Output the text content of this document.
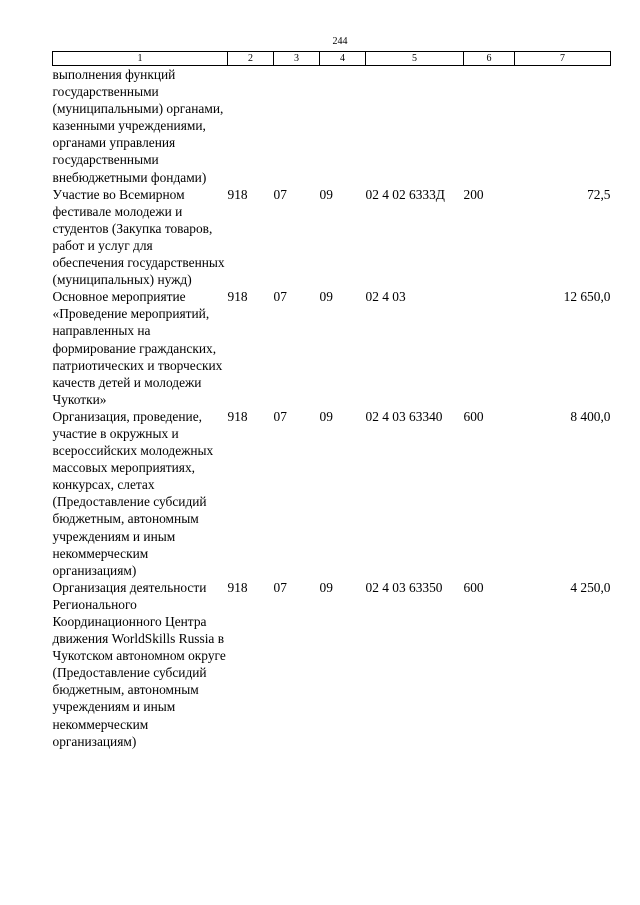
244
1	2	3	4	5	6	7
выполнения функций государственными (муниципальными) органами, казенными учреждениями, органами управления государственными внебюджетными фондами)						
Участие во Всемирном фестивале молодежи и студентов (Закупка товаров, работ и услуг для обеспечения государственных (муниципальных) нужд)	918	07	09	02 4 02 6333Д	200	72,5
Основное мероприятие «Проведение мероприятий, направленных на формирование гражданских, патриотических и творческих качеств детей и молодежи Чукотки»	918	07	09	02 4 03		12 650,0
Организация, проведение, участие в окружных и всероссийских молодежных массовых мероприятиях, конкурсах, слетах (Предоставление субсидий бюджетным, автономным учреждениям и иным некоммерческим организациям)	918	07	09	02 4 03 63340	600	8 400,0
Организация деятельности Регионального Координационного Центра движения WorldSkills Russia в Чукотском автономном округе (Предоставление субсидий бюджетным, автономным учреждениям и иным некоммерческим организациям)	918	07	09	02 4 03 63350	600	4 250,0
